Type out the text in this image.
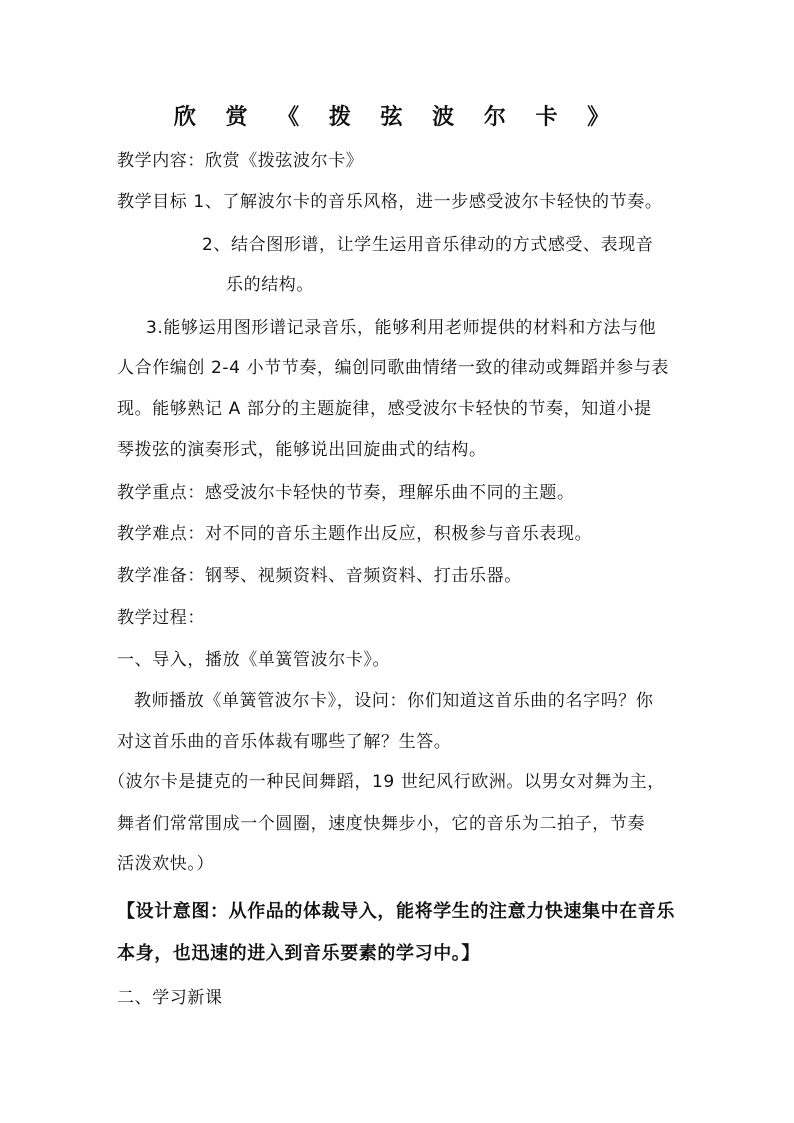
欣 赏 《 拨 弦 波 尔 卡 》
教学内容：欣赏《拨弦波尔卡》
教学目标 1、了解波尔卡的音乐风格，进一步感受波尔卡轻快的节奏。
2、结合图形谱，让学生运用音乐律动的方式感受、表现音
乐的结构。
3.能够运用图形谱记录音乐，能够利用老师提供的材料和方法与他
人合作编创 2-4 小节节奏，编创同歌曲情绪一致的律动或舞蹈并参与表
现。能够熟记 A 部分的主题旋律，感受波尔卡轻快的节奏，知道小提
琴拨弦的演奏形式，能够说出回旋曲式的结构。
教学重点：感受波尔卡轻快的节奏，理解乐曲不同的主题。
教学难点：对不同的音乐主题作出反应，积极参与音乐表现。
教学准备：钢琴、视频资料、音频资料、打击乐器。
教学过程：
一、导入，播放《单簧管波尔卡》。
教师播放《单簧管波尔卡》，设问：你们知道这首乐曲的名字吗？你
对这首乐曲的音乐体裁有哪些了解？生答。
（波尔卡是捷克的一种民间舞蹈，19 世纪风行欧洲。以男女对舞为主，
舞者们常常围成一个圆圈，速度快舞步小，它的音乐为二拍子，节奏
活泼欢快。）
【设计意图：从作品的体裁导入，能将学生的注意力快速集中在音乐
本身，也迅速的进入到音乐要素的学习中。】
二、学习新课
